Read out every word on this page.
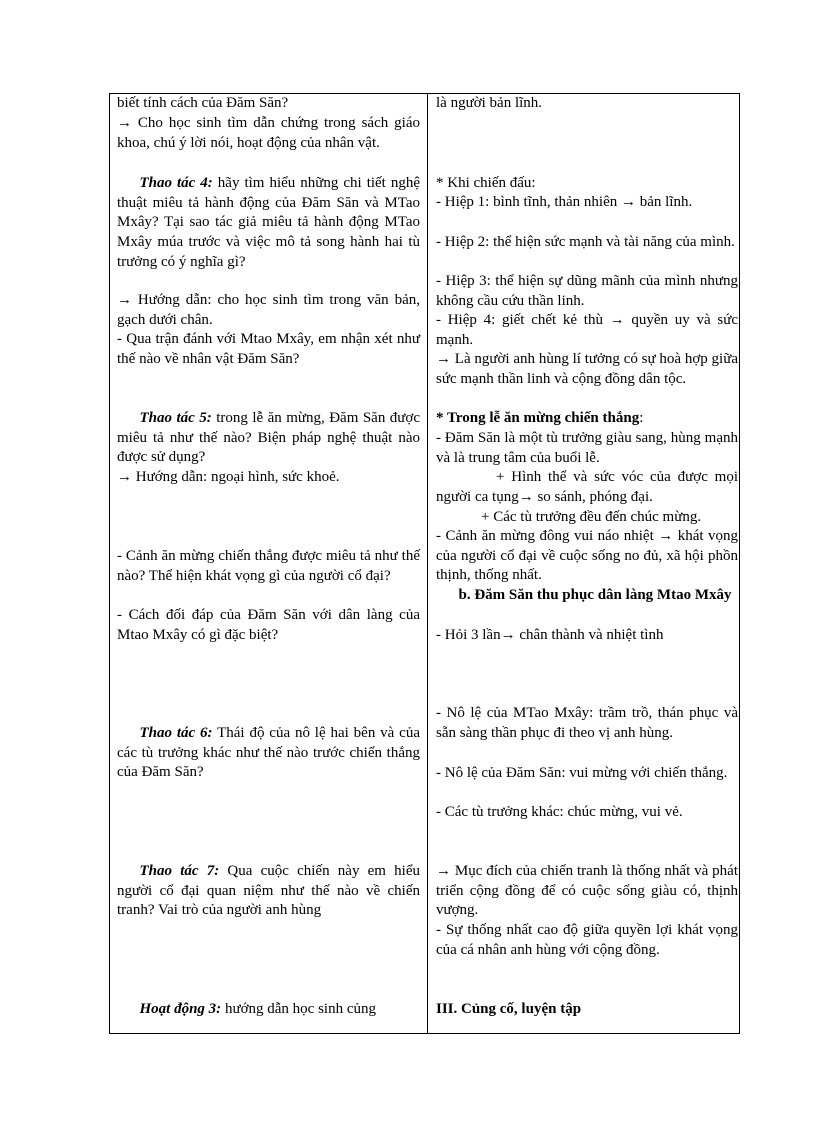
biết tính cách của Đăm Săn?

→ Cho học sinh tìm dẫn chứng trong sách giáo khoa, chú ý lời nói, hoạt động của nhân vật.

Thao tác 4: hãy tìm hiểu những chi tiết nghệ thuật miêu tả hành động của Đăm Săn và MTao Mxây? Tại sao tác giả miêu tả hành động MTao Mxây múa trước và việc mô tả song hành hai tù trưởng có ý nghĩa gì?

→ Hướng dẫn: cho học sinh tìm trong văn bản, gạch dưới chân.

- Qua trận đánh với Mtao Mxây, em nhận xét như thế nào về nhân vật Đăm Săn?

Thao tác 5: trong lễ ăn mừng, Đăm Săn được miêu tả như thế nào? Biện pháp nghệ thuật nào được sử dụng?

→ Hướng dẫn: ngoại hình, sức khoẻ.

- Cảnh ăn mừng chiến thắng được miêu tả như thế nào? Thể hiện khát vọng gì của người cổ đại?

- Cách đối đáp của Đăm Săn với dân làng của Mtao Mxây có gì đặc biệt?

Thao tác 6: Thái độ của nô lệ hai bên và của các tù trưởng khác như thế nào trước chiến thắng của Đăm Săn?

Thao tác 7: Qua cuộc chiến này em hiểu người cổ đại quan niệm như thế nào về chiến tranh? Vai trò của người anh hùng

Hoạt động 3: hướng dẫn học sinh củng

là người bản lĩnh.

* Khi chiến đấu:

- Hiệp 1: bình tĩnh, thản nhiên → bản lĩnh.

- Hiệp 2: thể hiện sức mạnh và tài năng của mình.

- Hiệp 3: thể hiện sự dũng mãnh của mình nhưng không cầu cứu thần linh.

- Hiệp 4: giết chết kẻ thù → quyền uy và sức mạnh.

→ Là người anh hùng lí tưởng có sự hoà hợp giữa sức mạnh thần linh và cộng đồng dân tộc.

* Trong lễ ăn mừng chiến thắng:

- Đăm Săn là một tù trưởng giàu sang, hùng mạnh và là trung tâm của buổi lễ.

+ Hình thể và sức vóc của được mọi người ca tụng→ so sánh, phóng đại.

+ Các tù trưởng đều đến chúc mừng.

- Cảnh ăn mừng đông vui náo nhiệt → khát vọng của người cổ đại về cuộc sống no đủ, xã hội phồn thịnh, thống nhất.

b. Đăm Săn thu phục dân làng Mtao Mxây

- Hỏi 3 lần→ chân thành và nhiệt tình

- Nô lệ của MTao Mxây: trầm trồ, thán phục và sẵn sàng thần phục đi theo vị anh hùng.

- Nô lệ của Đăm Săn: vui mừng với chiến thắng.

- Các tù trưởng khác: chúc mừng, vui vẻ.

→ Mục đích của chiến tranh là thống nhất và phát triển cộng đồng để có cuộc sống giàu có, thịnh vượng.

- Sự thống nhất cao độ giữa quyền lợi khát vọng của cá nhân anh hùng với cộng đồng.

III. Củng cố, luyện tập
